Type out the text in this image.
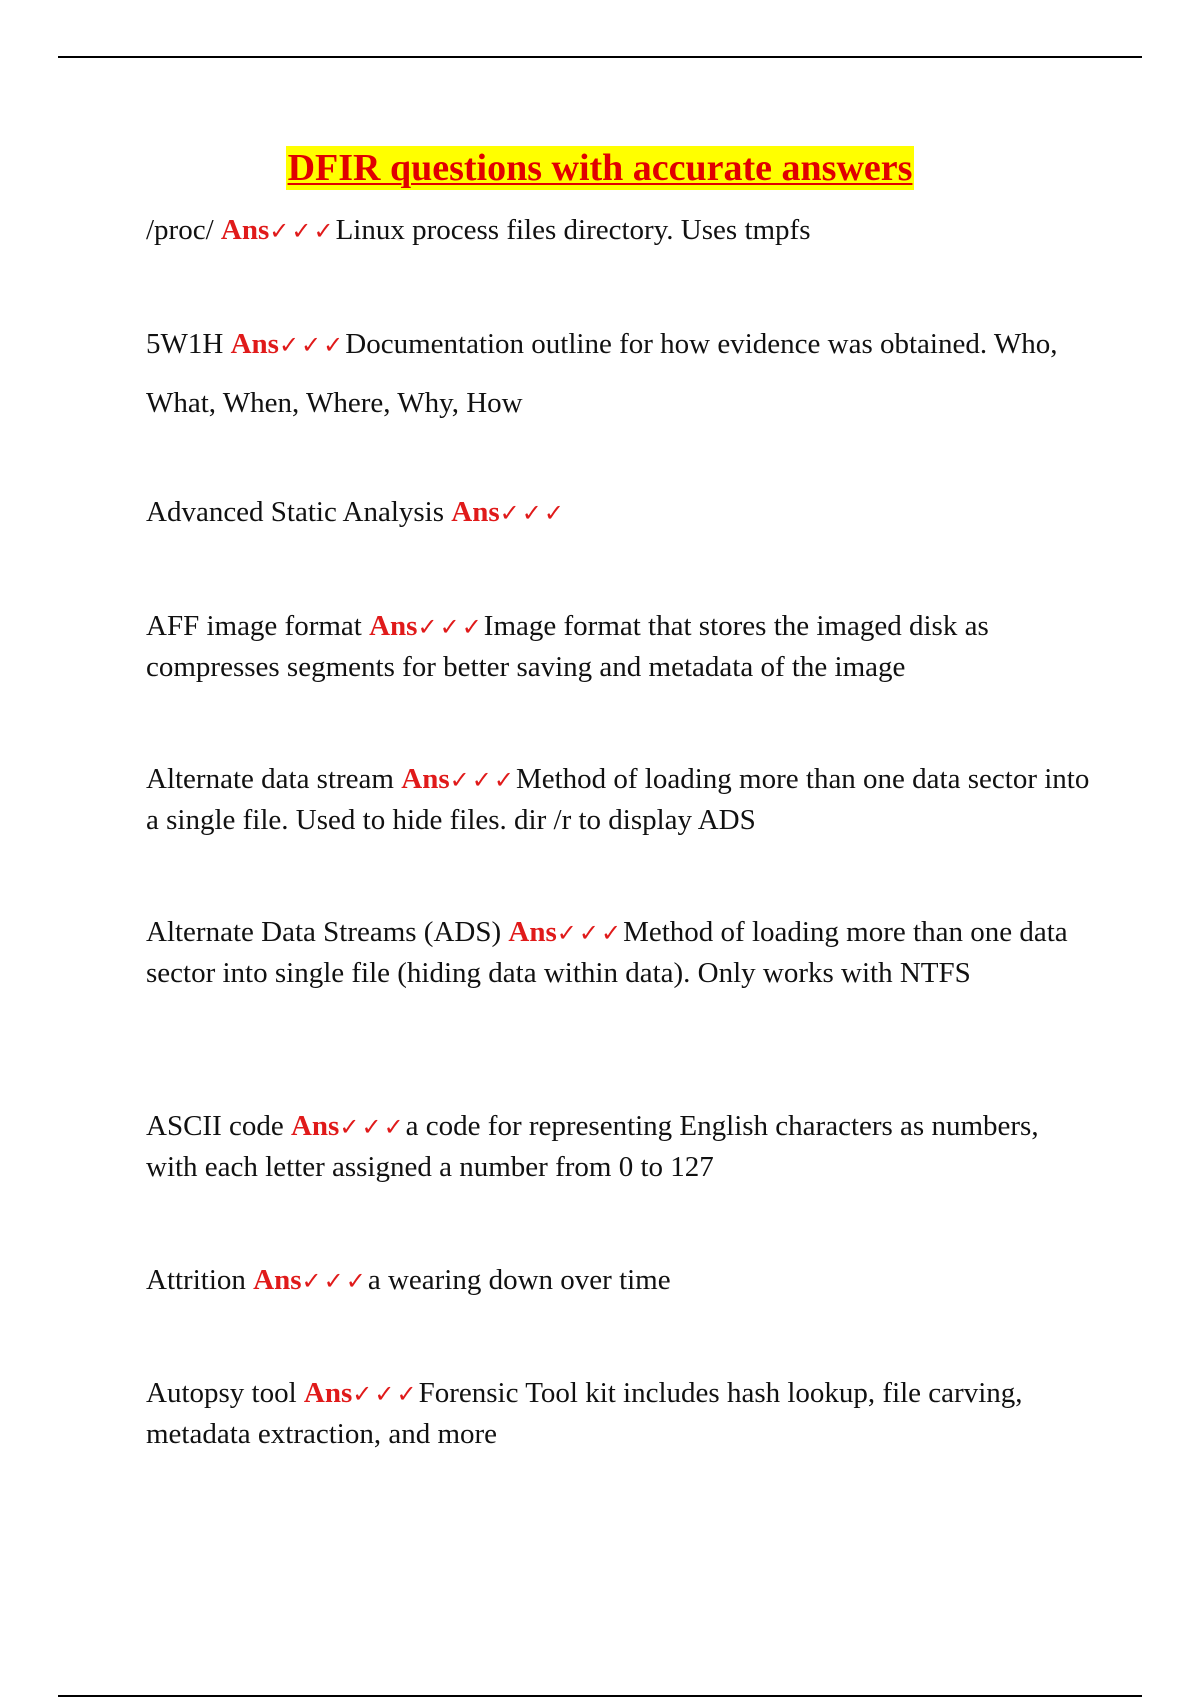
DFIR questions with accurate answers

/proc/ Ans✓✓✓Linux process files directory. Uses tmpfs

5W1H Ans✓✓✓Documentation outline for how evidence was obtained. Who, What, When, Where, Why, How

Advanced Static Analysis Ans✓✓✓

AFF image format Ans✓✓✓Image format that stores the imaged disk as compresses segments for better saving and metadata of the image

Alternate data stream Ans✓✓✓Method of loading more than one data sector into a single file. Used to hide files. dir /r to display ADS

Alternate Data Streams (ADS) Ans✓✓✓Method of loading more than one data sector into single file (hiding data within data). Only works with NTFS

ASCII code Ans✓✓✓a code for representing English characters as numbers, with each letter assigned a number from 0 to 127

Attrition Ans✓✓✓a wearing down over time

Autopsy tool Ans✓✓✓Forensic Tool kit includes hash lookup, file carving, metadata extraction, and more
